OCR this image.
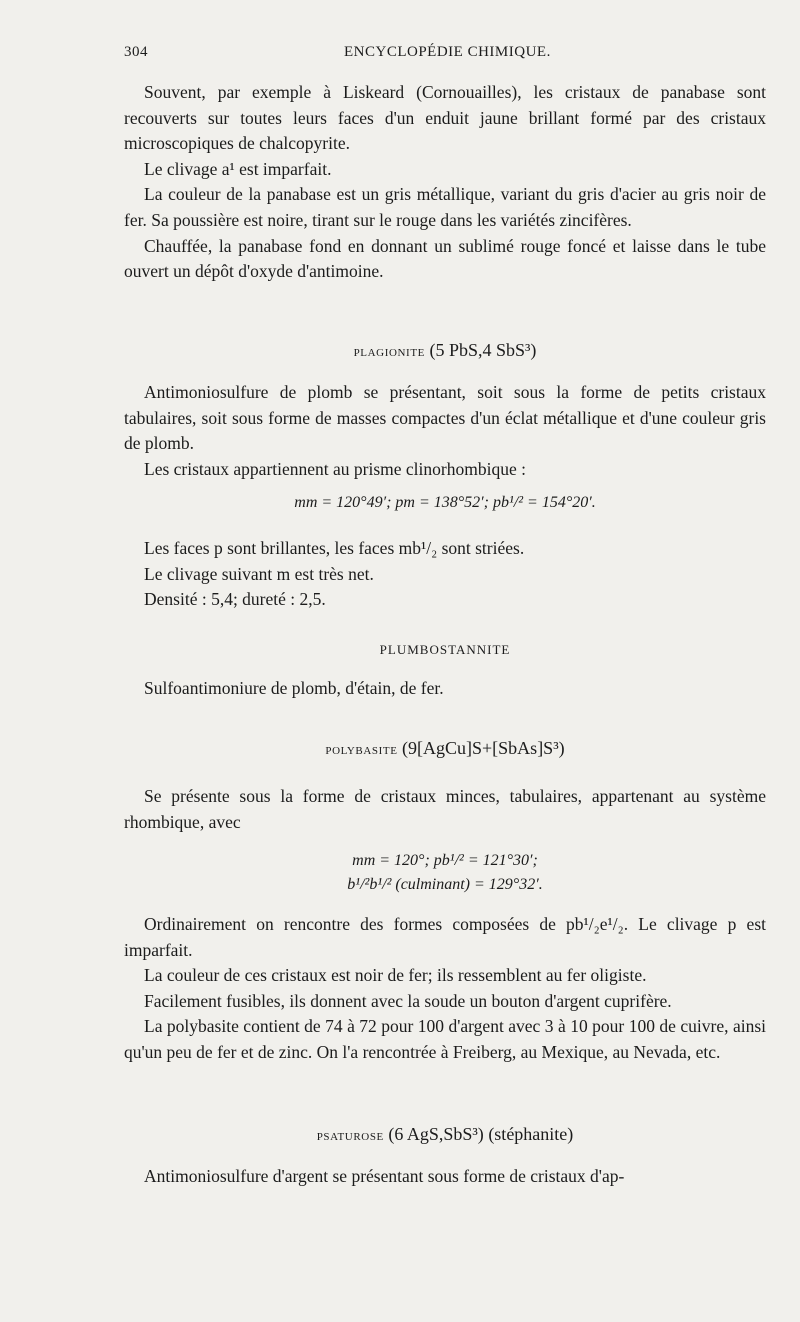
304	ENCYCLOPÉDIE CHIMIQUE.

Souvent, par exemple à Liskeard (Cornouailles), les cristaux de panabase sont recouverts sur toutes leurs faces d'un enduit jaune brillant formé par des cristaux microscopiques de chalcopyrite.

Le clivage a¹ est imparfait.

La couleur de la panabase est un gris métallique, variant du gris d'acier au gris noir de fer. Sa poussière est noire, tirant sur le rouge dans les variétés zincifères.

Chauffée, la panabase fond en donnant un sublimé rouge foncé et laisse dans le tube ouvert un dépôt d'oxyde d'antimoine.

plagionite (5 PbS,4 SbS³)

Antimoniosulfure de plomb se présentant, soit sous la forme de petits cristaux tabulaires, soit sous forme de masses compactes d'un éclat métallique et d'une couleur gris de plomb.

Les cristaux appartiennent au prisme clinorhombique :

mm = 120°49′; pm = 138°52′; pb¹/² = 154°20′.

Les faces p sont brillantes, les faces mb¹/₂ sont striées.

Le clivage suivant m est très net.

Densité : 5,4; dureté : 2,5.

PLUMBOSTANNITE

Sulfoantimoniure de plomb, d'étain, de fer.

polybasite (9[AgCu]S+[SbAs]S³)

Se présente sous la forme de cristaux minces, tabulaires, appartenant au système rhombique, avec

mm = 120°; pb¹/² = 121°30′;
b¹/²b¹/² (culminant) = 129°32′.

Ordinairement on rencontre des formes composées de pb¹/₂e¹/₂. Le clivage p est imparfait.

La couleur de ces cristaux est noir de fer; ils ressemblent au fer oligiste.

Facilement fusibles, ils donnent avec la soude un bouton d'argent cuprifère.

La polybasite contient de 74 à 72 pour 100 d'argent avec 3 à 10 pour 100 de cuivre, ainsi qu'un peu de fer et de zinc. On l'a rencontrée à Freiberg, au Mexique, au Nevada, etc.

psaturose (6 AgS,SbS³) (stéphanite)

Antimoniosulfure d'argent se présentant sous forme de cristaux d'ap-
